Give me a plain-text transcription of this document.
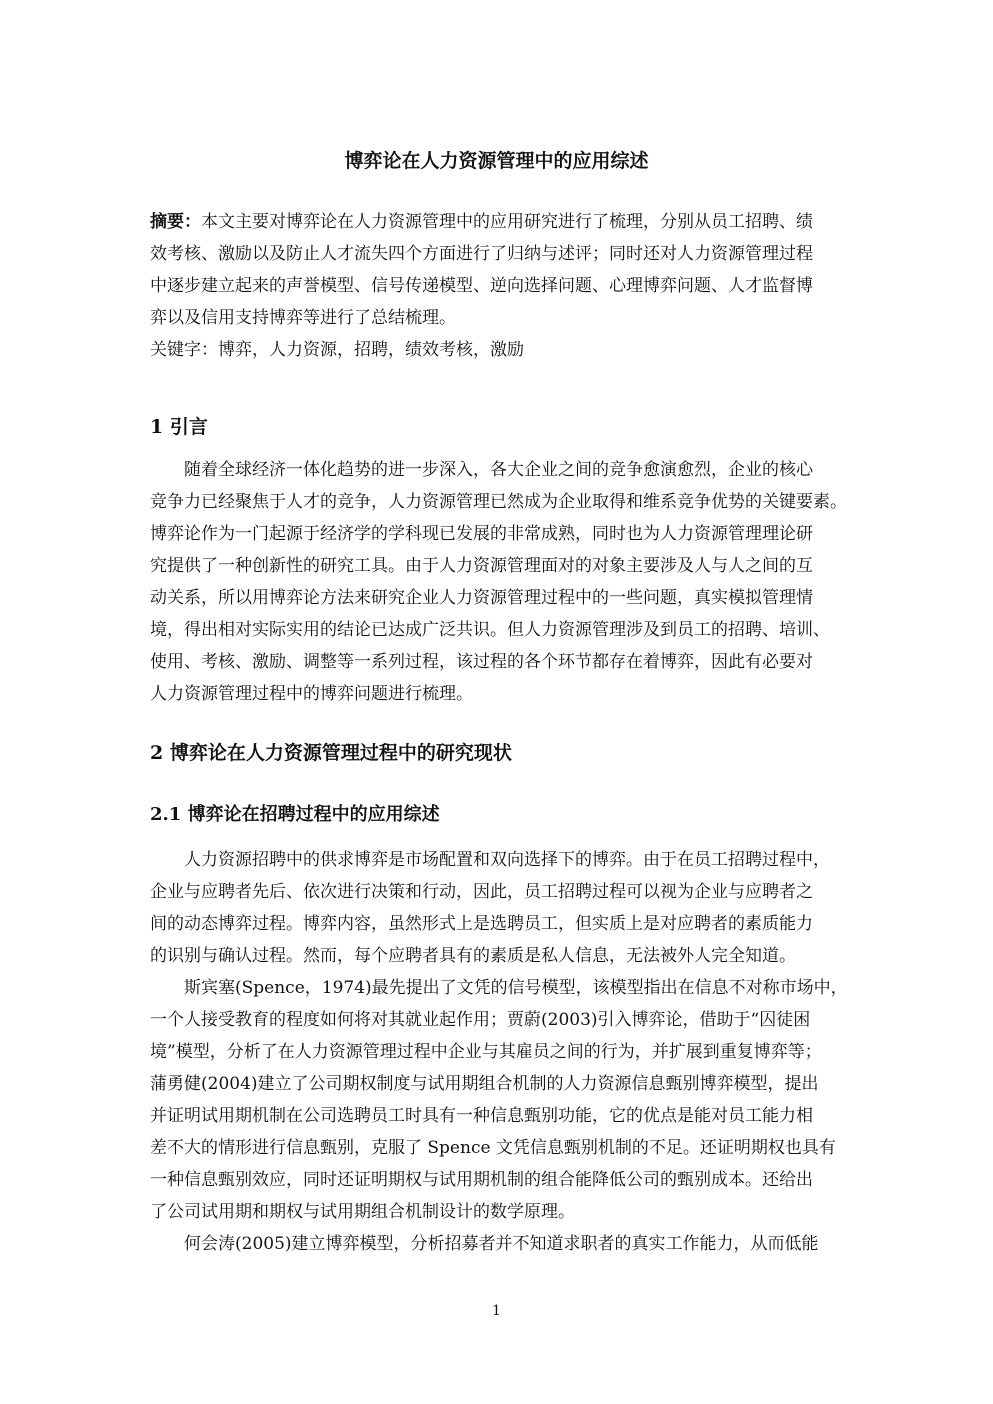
博弈论在人力资源管理中的应用综述
摘要：本文主要对博弈论在人力资源管理中的应用研究进行了梳理，分别从员工招聘、绩
效考核、激励以及防止人才流失四个方面进行了归纳与述评；同时还对人力资源管理过程
中逐步建立起来的声誉模型、信号传递模型、逆向选择问题、心理博弈问题、人才监督博
弈以及信用支持博弈等进行了总结梳理。
关键字：博弈，人力资源，招聘，绩效考核，激励
1 引言
随着全球经济一体化趋势的进一步深入，各大企业之间的竞争愈演愈烈，企业的核心
竞争力已经聚焦于人才的竞争，人力资源管理已然成为企业取得和维系竞争优势的关键要素。
博弈论作为一门起源于经济学的学科现已发展的非常成熟，同时也为人力资源管理理论研
究提供了一种创新性的研究工具。由于人力资源管理面对的对象主要涉及人与人之间的互
动关系，所以用博弈论方法来研究企业人力资源管理过程中的一些问题，真实模拟管理情
境，得出相对实际实用的结论已达成广泛共识。但人力资源管理涉及到员工的招聘、培训、
使用、考核、激励、调整等一系列过程，该过程的各个环节都存在着博弈，因此有必要对
人力资源管理过程中的博弈问题进行梳理。
2 博弈论在人力资源管理过程中的研究现状
2.1 博弈论在招聘过程中的应用综述
人力资源招聘中的供求博弈是市场配置和双向选择下的博弈。由于在员工招聘过程中，
企业与应聘者先后、依次进行决策和行动，因此，员工招聘过程可以视为企业与应聘者之
间的动态博弈过程。博弈内容，虽然形式上是选聘员工，但实质上是对应聘者的素质能力
的识别与确认过程。然而，每个应聘者具有的素质是私人信息，无法被外人完全知道。
斯宾塞(Spence，1974)最先提出了文凭的信号模型，该模型指出在信息不对称市场中，
一个人接受教育的程度如何将对其就业起作用；贾蔚(2003)引入博弈论，借助于“囚徒困
境”模型，分析了在人力资源管理过程中企业与其雇员之间的行为，并扩展到重复博弈等；
蒲勇健(2004)建立了公司期权制度与试用期组合机制的人力资源信息甄别博弈模型，提出
并证明试用期机制在公司选聘员工时具有一种信息甄别功能，它的优点是能对员工能力相
差不大的情形进行信息甄别，克服了 Spence 文凭信息甄别机制的不足。还证明期权也具有
一种信息甄别效应，同时还证明期权与试用期机制的组合能降低公司的甄别成本。还给出
了公司试用期和期权与试用期组合机制设计的数学原理。
何会涛(2005)建立博弈模型，分析招募者并不知道求职者的真实工作能力，从而低能
1
